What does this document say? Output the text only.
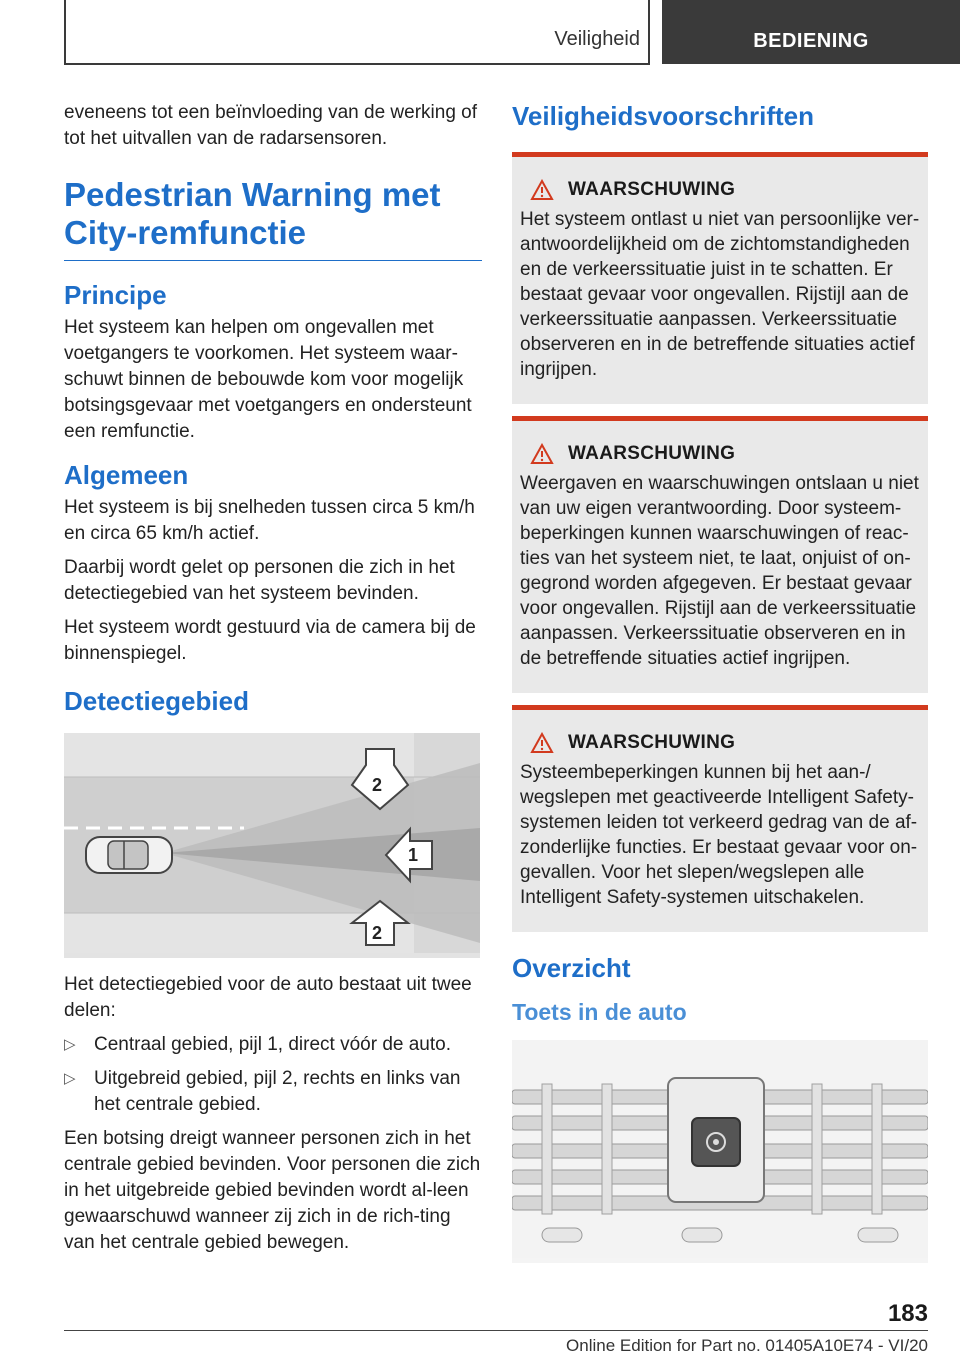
Veiligheid	BEDIENING

eveneens tot een beïnvloeding van de werking of tot het uitvallen van de radarsensoren.

Pedestrian Warning met City-remfunctie
Principe

Het systeem kan helpen om ongevallen met voetgangers te voorkomen. Het systeem waar-schuwt binnen de bebouwde kom voor mogelijk botsingsgevaar met voetgangers en ondersteunt een remfunctie.

Algemeen

Het systeem is bij snelheden tussen circa 5 km/h en circa 65 km/h actief.

Daarbij wordt gelet op personen die zich in het detectiegebied van het systeem bevinden.

Het systeem wordt gestuurd via de camera bij de binnenspiegel.

Detectiegebied
2
1
2

Het detectiegebied voor de auto bestaat uit twee delen:

▷ Centraal gebied, pijl 1, direct vóór de auto.
▷ Uitgebreid gebied, pijl 2, rechts en links van het centrale gebied.

Een botsing dreigt wanneer personen zich in het centrale gebied bevinden. Voor personen die zich in het uitgebreide gebied bevinden wordt al-leen gewaarschuwd wanneer zij zich in de rich-ting van het centrale gebied bewegen.

Veiligheidsvoorschriften
WAARSCHUWING

Het systeem ontlast u niet van persoonlijke ver-antwoordelijkheid om de zichtomstandigheden en de verkeerssituatie juist in te schatten. Er bestaat gevaar voor ongevallen. Rijstijl aan de verkeerssituatie aanpassen. Verkeerssituatie observeren en in de betreffende situaties actief ingrijpen.

WAARSCHUWING

Weergaven en waarschuwingen ontslaan u niet van uw eigen verantwoording. Door systeem-beperkingen kunnen waarschuwingen of reac-ties van het systeem niet, te laat, onjuist of on-gegrond worden afgegeven. Er bestaat gevaar voor ongevallen. Rijstijl aan de verkeerssituatie aanpassen. Verkeerssituatie observeren en in de betreffende situaties actief ingrijpen.

WAARSCHUWING

Systeembeperkingen kunnen bij het aan-/ wegslepen met geactiveerde Intelligent Safety-systemen leiden tot verkeerd gedrag van de af-zonderlijke functies. Er bestaat gevaar voor on-gevallen. Voor het slepen/wegslepen alle Intelligent Safety-systemen uitschakelen.

Overzicht
Toets in de auto
183
Online Edition for Part no. 01405A10E74 - VI/20
